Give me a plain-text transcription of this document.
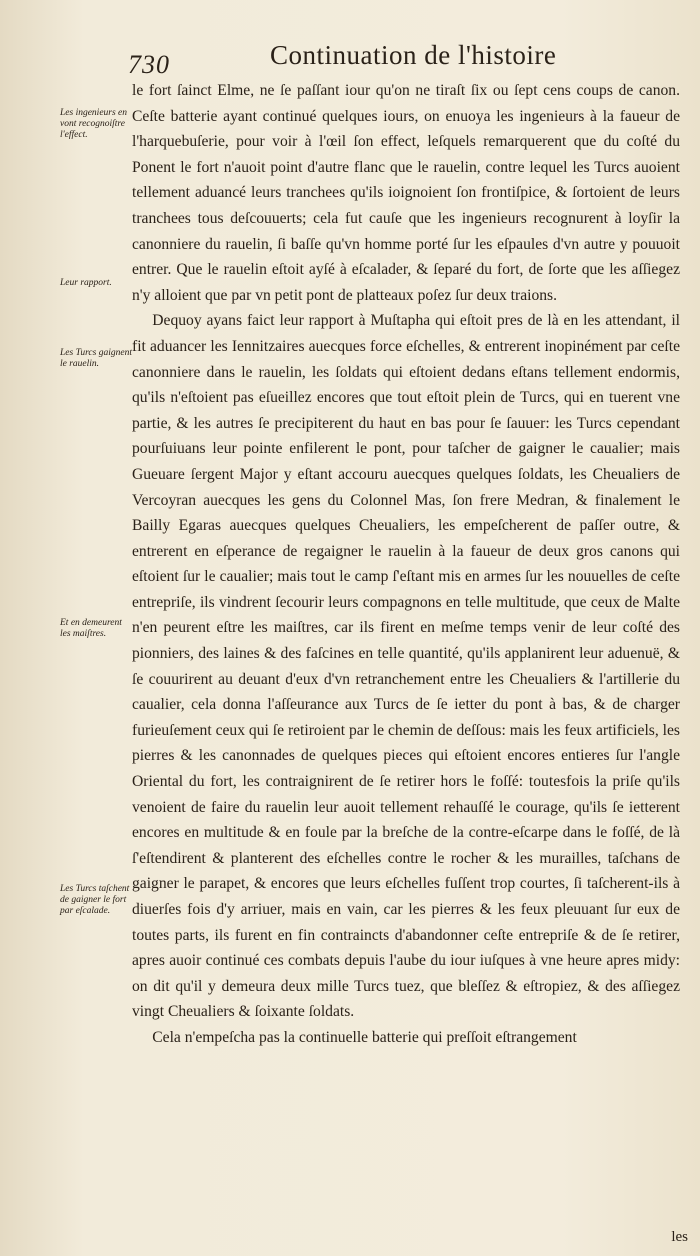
730	Continuation de l'histoire
Les ingenieurs en vont recognoiſtre l'effect.
Leur rapport.
Les Turcs gaignent le rauelin.
Et en demeurent les maiſtres.
Les Turcs taſchent de gaigner le fort par eſcalade.

le fort ſainct Elme, ne ſe paſſant iour qu'on ne tiraſt ſix ou ſept cens coups de canon. Ceſte batterie ayant continué quelques iours, on enuoya les ingenieurs à la faueur de l'harquebuſerie, pour voir à l'œil ſon effect, leſquels remarquerent que du coſté du Ponent le fort n'auoit point d'autre flanc que le rauelin, contre lequel les Turcs auoient tellement aduancé leurs tranchees qu'ils ioignoient ſon frontiſpice, & ſortoient de leurs tranchees tous deſcouuerts; cela fut cauſe que les ingenieurs recognurent à loyſir la canonniere du rauelin, ſi baſſe qu'vn homme porté ſur les eſpaules d'vn autre y pouuoit entrer. Que le rauelin eſtoit ayſé à eſcalader, & ſeparé du fort, de ſorte que les aſſiegez n'y alloient que par vn petit pont de platteaux poſez ſur deux traions.

Dequoy ayans faict leur rapport à Muſtapha qui eſtoit pres de là en les attendant, il fit aduancer les Iennitzaires auecques force eſchelles, & entrerent inopinément par ceſte canonniere dans le rauelin, les ſoldats qui eſtoient dedans eſtans tellement endormis, qu'ils n'eſtoient pas eſueillez encores que tout eſtoit plein de Turcs, qui en tuerent vne partie, & les autres ſe precipiterent du haut en bas pour ſe ſauuer: les Turcs cependant pourſuiuans leur pointe enfilerent le pont, pour taſcher de gaigner le caualier; mais Gueuare ſergent Major y eſtant accouru auecques quelques ſoldats, les Cheualiers de Vercoyran auecques les gens du Colonnel Mas, ſon frere Medran, & finalement le Bailly Egaras auecques quelques Cheualiers, les empeſcherent de paſſer outre, & entrerent en eſperance de regaigner le rauelin à la faueur de deux gros canons qui eſtoient ſur le caualier; mais tout le camp ſ'eſtant mis en armes ſur les nouuelles de ceſte entrepriſe, ils vindrent ſecourir leurs compagnons en telle multitude, que ceux de Malte n'en peurent eſtre les maiſtres, car ils firent en meſme temps venir de leur coſté des pionniers, des laines & des faſcines en telle quantité, qu'ils applanirent leur aduenuë, & ſe couurirent au deuant d'eux d'vn retranchement entre les Cheualiers & l'artillerie du caualier, cela donna l'aſſeurance aux Turcs de ſe ietter du pont à bas, & de charger furieuſement ceux qui ſe retiroient par le chemin de deſſous: mais les feux artificiels, les pierres & les canonnades de quelques pieces qui eſtoient encores entieres ſur l'angle Oriental du fort, les contraignirent de ſe retirer hors le foſſé: toutesfois la priſe qu'ils venoient de faire du rauelin leur auoit tellement rehauſſé le courage, qu'ils ſe ietterent encores en multitude & en foule par la breſche de la contre-eſcarpe dans le foſſé, de là ſ'eſtendirent & planterent des eſchelles contre le rocher & les murailles, taſchans de gaigner le parapet, & encores que leurs eſchelles fuſſent trop courtes, ſi taſcherent-ils à diuerſes fois d'y arriuer, mais en vain, car les pierres & les feux pleuuant ſur eux de toutes parts, ils furent en fin contraincts d'abandonner ceſte entrepriſe & de ſe retirer, apres auoir continué ces combats depuis l'aube du iour iuſques à vne heure apres midy: on dit qu'il y demeura deux mille Turcs tuez, que bleſſez & eſtropiez, & des aſſiegez vingt Cheualiers & ſoixante ſoldats.

Cela n'empeſcha pas la continuelle batterie qui preſſoit eſtrangement

les
